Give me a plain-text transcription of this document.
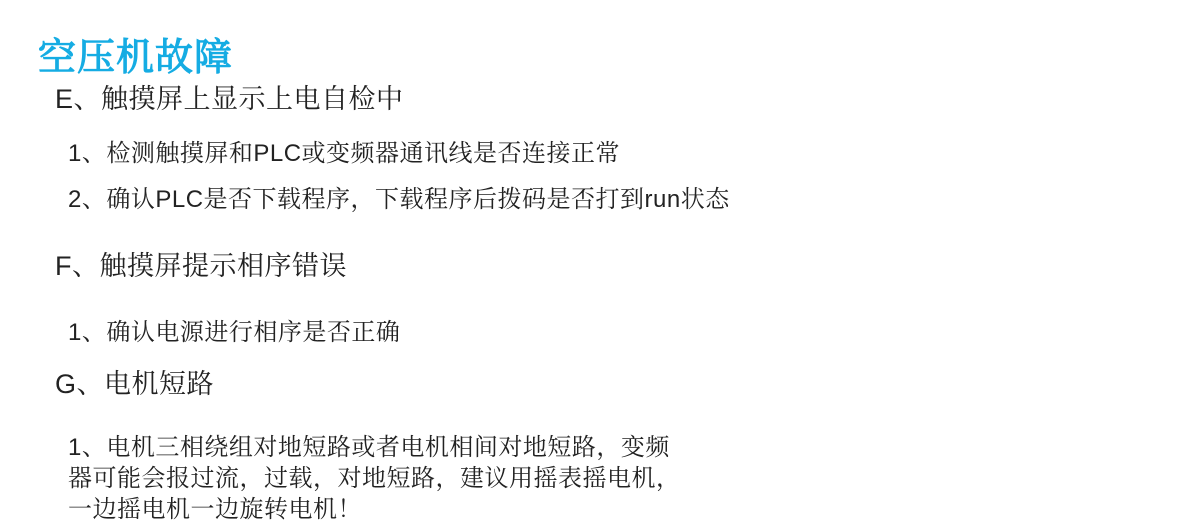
空压机故障
E、触摸屏上显示上电自检中
1、检测触摸屏和PLC或变频器通讯线是否连接正常
2、确认PLC是否下载程序，下载程序后拨码是否打到run状态
F、触摸屏提示相序错误
1、确认电源进行相序是否正确
G、电机短路
1、电机三相绕组对地短路或者电机相间对地短路，变频器可能会报过流，过载，对地短路，建议用摇表摇电机，一边摇电机一边旋转电机！
